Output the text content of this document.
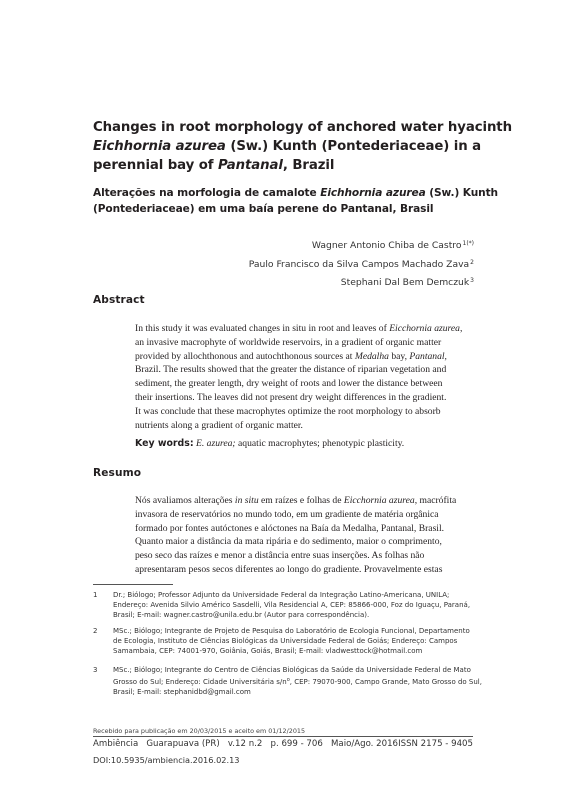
Changes in root morphology of anchored water hyacinth
Eichhornia azurea (Sw.) Kunth (Pontederiaceae) in a
perennial bay of Pantanal, Brazil
Alterações na morfologia de camalote Eichhornia azurea (Sw.) Kunth
(Pontederiaceae) em uma baía perene do Pantanal, Brasil
Wagner Antonio Chiba de Castro$^{1(*)}$
Paulo Francisco da Silva Campos Machado Zava$^2$
Stephani Dal Bem Demczuk$^3$
Abstract
In this study it was evaluated changes in situ in root and leaves of Eicchornia azurea,
an invasive macrophyte of worldwide reservoirs, in a gradient of organic matter
provided by allochthonous and autochthonous sources at Medalha bay, Pantanal,
Brazil. The results showed that the greater the distance of riparian vegetation and
sediment, the greater length, dry weight of roots and lower the distance between
their insertions. The leaves did not present dry weight differences in the gradient.
It was conclude that these macrophytes optimize the root morphology to absorb
nutrients along a gradient of organic matter.
Key words: E. azurea; aquatic macrophytes; phenotypic plasticity.
Resumo
Nós avaliamos alterações in situ em raízes e folhas de Eicchornia azurea, macrófita
invasora de reservatórios no mundo todo, em um gradiente de matéria orgânica
formado por fontes autóctones e alóctones na Baía da Medalha, Pantanal, Brasil.
Quanto maior a distância da mata ripária e do sedimento, maior o comprimento,
peso seco das raízes e menor a distância entre suas inserções. As folhas não
apresentaram pesos secos diferentes ao longo do gradiente. Provavelmente estas
1 Dr.; Biólogo; Professor Adjunto da Universidade Federal da Integração Latino-Americana, UNILA;
Endereço: Avenida Silvio Américo Sasdelli, Vila Residencial A, CEP: 85866-000, Foz do Iguaçu, Paraná,
Brasil; E-mail: wagner.castro@unila.edu.br (Autor para correspondência).
2 MSc.; Biólogo; Integrante de Projeto de Pesquisa do Laboratório de Ecologia Funcional, Departamento
de Ecologia, Instituto de Ciências Biológicas da Universidade Federal de Goiás; Endereço: Campos
Samambaia, CEP: 74001-970, Goiânia, Goiás, Brasil; E-mail: vladwesttock@hotmail.com
3 MSc.; Biólogo; Integrante do Centro de Ciências Biológicas da Saúde da Universidade Federal de Mato
Grosso do Sul; Endereço: Cidade Universitária $s/n^o$, CEP: 79070-900, Campo Grande, Mato Grosso do Sul,
Brasil; E-mail: stephanidbd@gmail.com
Recebido para publicação em 20/03/2015 e aceito em 01/12/2015
Ambiência   Guarapuava (PR)   v.12 n.2   p. 699 - 706   Maio/Ago. 2016 ISSN 2175 - 9405
DOI:10.5935/ambiencia.2016.02.13
